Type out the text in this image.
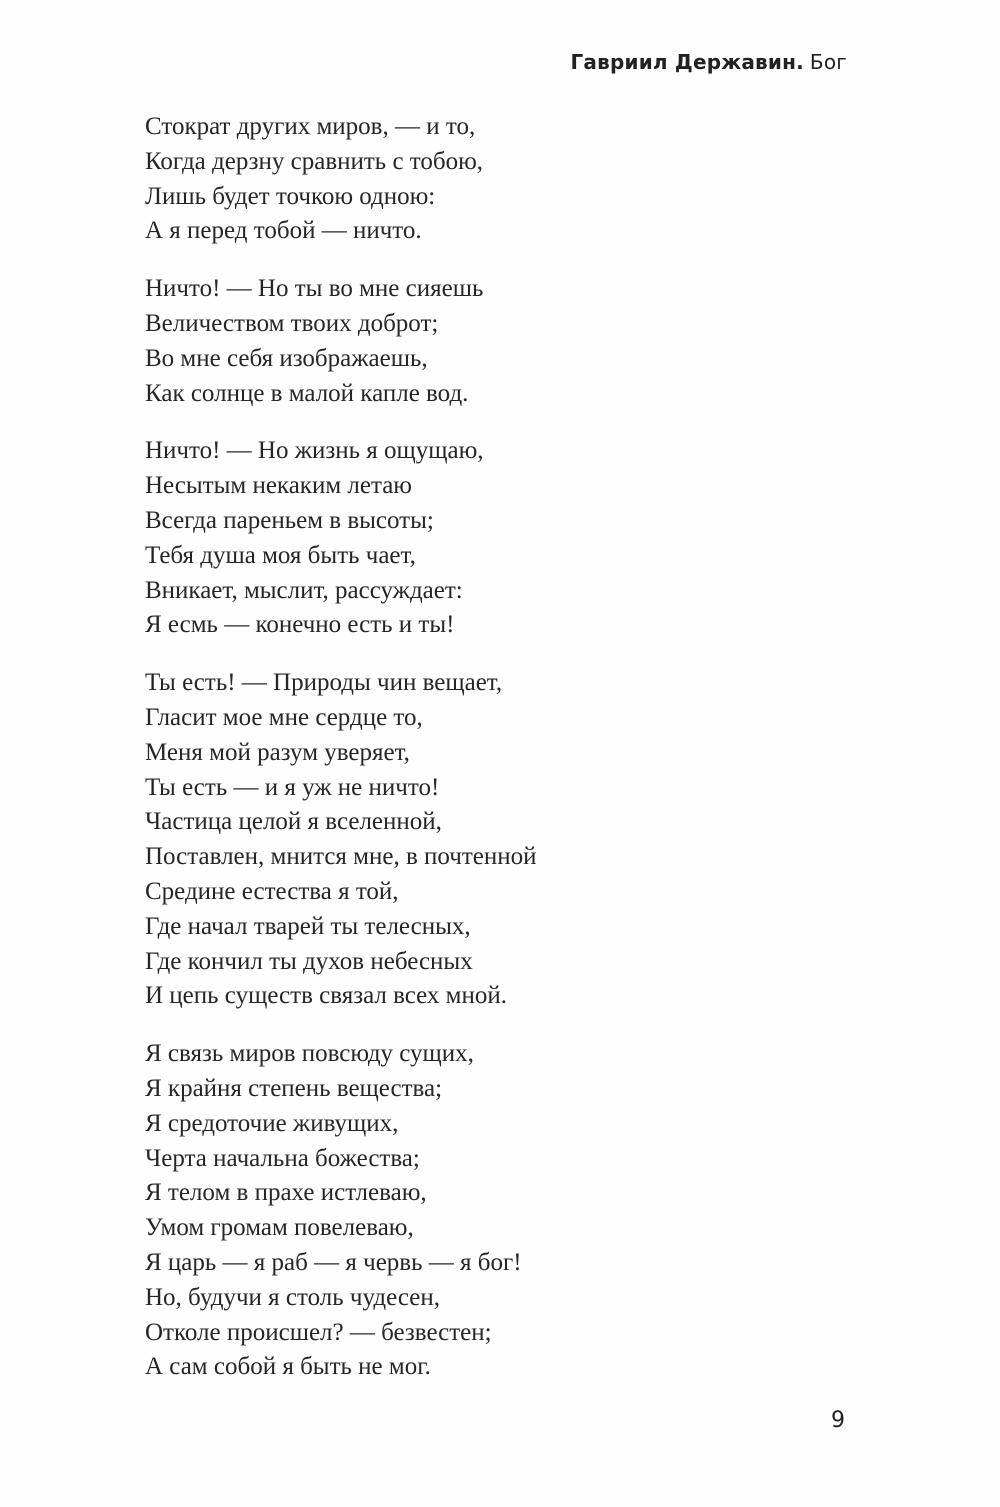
Гавриил Державин. Бог
Стократ других миров, — и то,
Когда дерзну сравнить с тобою,
Лишь будет точкою одною:
А я перед тобой — ничто.
Ничто! — Но ты во мне сияешь
Величеством твоих доброт;
Во мне себя изображаешь,
Как солнце в малой капле вод.
Ничто! — Но жизнь я ощущаю,
Несытым некаким летаю
Всегда пареньем в высоты;
Тебя душа моя быть чает,
Вникает, мыслит, рассуждает:
Я есмь — конечно есть и ты!
Ты есть! — Природы чин вещает,
Гласит мое мне сердце то,
Меня мой разум уверяет,
Ты есть — и я уж не ничто!
Частица целой я вселенной,
Поставлен, мнится мне, в почтенной
Средине естества я той,
Где начал тварей ты телесных,
Где кончил ты духов небесных
И цепь существ связал всех мной.
Я связь миров повсюду сущих,
Я крайня степень вещества;
Я средоточие живущих,
Черта начальна божества;
Я телом в прахе истлеваю,
Умом громам повелеваю,
Я царь — я раб — я червь — я бог!
Но, будучи я столь чудесен,
Отколе происшел? — безвестен;
А сам собой я быть не мог.
9
